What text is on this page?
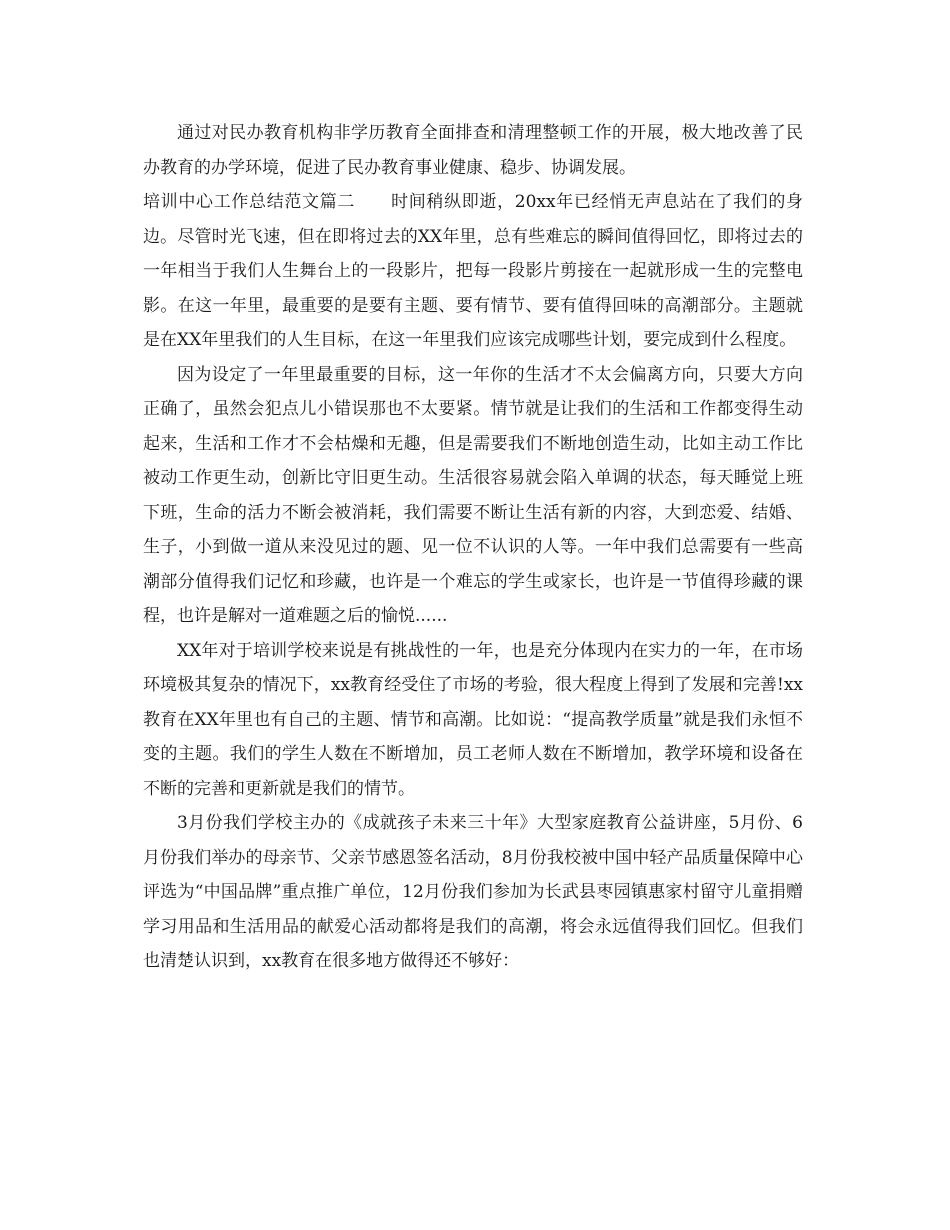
通过对民办教育机构非学历教育全面排查和清理整顿工作的开展，极大地改善了民办教育的办学环境，促进了民办教育事业健康、稳步、协调发展。

培训中心工作总结范文篇二 时间稍纵即逝，20xx年已经悄无声息站在了我们的身边。尽管时光飞速，但在即将过去的XX年里，总有些难忘的瞬间值得回忆，即将过去的一年相当于我们人生舞台上的一段影片，把每一段影片剪接在一起就形成一生的完整电影。在这一年里，最重要的是要有主题、要有情节、要有值得回味的高潮部分。主题就是在XX年里我们的人生目标，在这一年里我们应该完成哪些计划，要完成到什么程度。

因为设定了一年里最重要的目标，这一年你的生活才不太会偏离方向，只要大方向正确了，虽然会犯点儿小错误那也不太要紧。情节就是让我们的生活和工作都变得生动起来，生活和工作才不会枯燥和无趣，但是需要我们不断地创造生动，比如主动工作比被动工作更生动，创新比守旧更生动。生活很容易就会陷入单调的状态，每天睡觉上班下班，生命的活力不断会被消耗，我们需要不断让生活有新的内容，大到恋爱、结婚、生子，小到做一道从来没见过的题、见一位不认识的人等。一年中我们总需要有一些高潮部分值得我们记忆和珍藏，也许是一个难忘的学生或家长，也许是一节值得珍藏的课程，也许是解对一道难题之后的愉悦......

XX年对于培训学校来说是有挑战性的一年，也是充分体现内在实力的一年，在市场环境极其复杂的情况下，xx教育经受住了市场的考验，很大程度上得到了发展和完善!xx教育在XX年里也有自己的主题、情节和高潮。比如说：“提高教学质量”就是我们永恒不变的主题。我们的学生人数在不断增加，员工老师人数在不断增加，教学环境和设备在不断的完善和更新就是我们的情节。

3月份我们学校主办的《成就孩子未来三十年》大型家庭教育公益讲座，5月份、6月份我们举办的母亲节、父亲节感恩签名活动，8月份我校被中国中轻产品质量保障中心评选为“中国品牌”重点推广单位，12月份我们参加为长武县枣园镇惠家村留守儿童捐赠学习用品和生活用品的献爱心活动都将是我们的高潮，将会永远值得我们回忆。但我们也清楚认识到，xx教育在很多地方做得还不够好：
